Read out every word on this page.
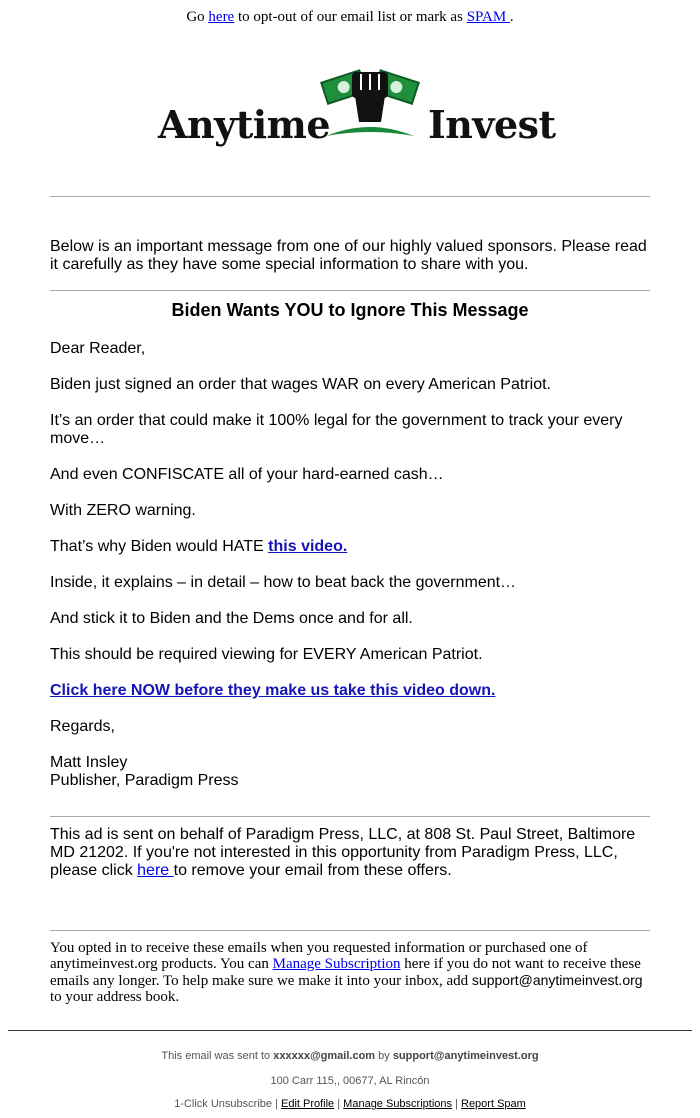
Go here to opt-out of our email list or mark as SPAM .
Anytime	Invest
Below is an important message from one of our highly valued sponsors. Please read it carefully as they have some special information to share with you.
Biden Wants YOU to Ignore This Message
Dear Reader,
Biden just signed an order that wages WAR on every American Patriot.
It’s an order that could make it 100% legal for the government to track your every move…
And even CONFISCATE all of your hard-earned cash…
With ZERO warning.
That’s why Biden would HATE this video.
Inside, it explains – in detail – how to beat back the government…
And stick it to Biden and the Dems once and for all.
This should be required viewing for EVERY American Patriot.
Click here NOW before they make us take this video down.
Regards,
Matt Insley
Publisher, Paradigm Press
This ad is sent on behalf of Paradigm Press, LLC, at 808 St. Paul Street, Baltimore MD 21202. If you're not interested in this opportunity from Paradigm Press, LLC, please click here to remove your email from these offers.
You opted in to receive these emails when you requested information or purchased one of anytimeinvest.org products. You can Manage Subscription here if you do not want to receive these emails any longer. To help make sure we make it into your inbox, add support@anytimeinvest.org to your address book.
This email was sent to xxxxxx@gmail.com by support@anytimeinvest.org
100 Carr 115,, 00677, AL Rincón
1-Click Unsubscribe | Edit Profile | Manage Subscriptions | Report Spam
